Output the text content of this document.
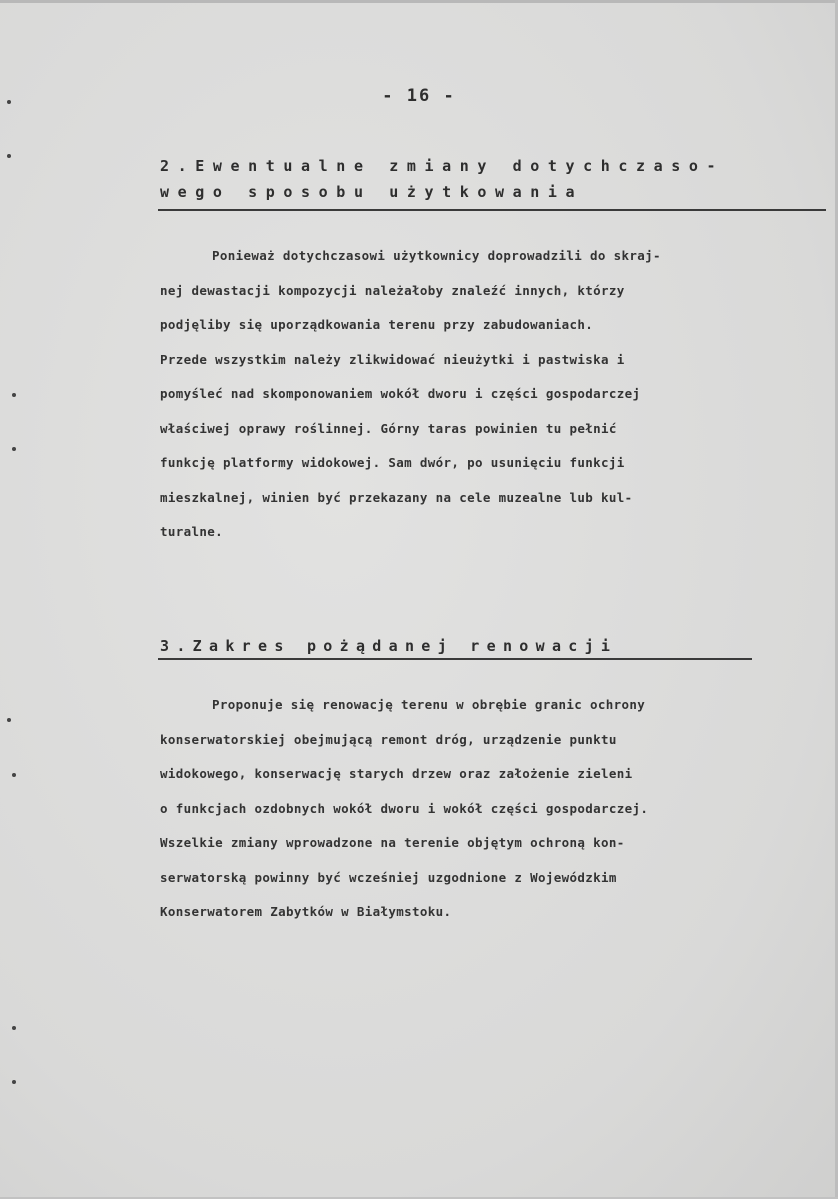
- 16 -
2.Ewentualne zmiany dotychczaso-
wego sposobu użytkowania
Ponieważ dotychczasowi użytkownicy doprowadzili do skraj-
nej dewastacji kompozycji należałoby znaleźć innych, którzy
podjęliby się uporządkowania terenu przy zabudowaniach.
Przede wszystkim należy zlikwidować nieużytki i pastwiska i
pomyśleć nad skomponowaniem wokół dworu i części gospodarczej
właściwej oprawy roślinnej. Górny taras powinien tu pełnić
funkcję platformy widokowej. Sam dwór, po usunięciu funkcji
mieszkalnej, winien być przekazany na cele muzealne lub kul-
turalne.
3.Zakres pożądanej renowacji
Proponuje się renowację terenu w obrębie granic ochrony
konserwatorskiej obejmującą remont dróg, urządzenie punktu
widokowego, konserwację starych drzew oraz założenie zieleni
o funkcjach ozdobnych wokół dworu i wokół części gospodarczej.
Wszelkie zmiany wprowadzone na terenie objętym ochroną kon-
serwatorską powinny być wcześniej uzgodnione z Wojewódzkim
Konserwatorem Zabytków w Białymstoku.
